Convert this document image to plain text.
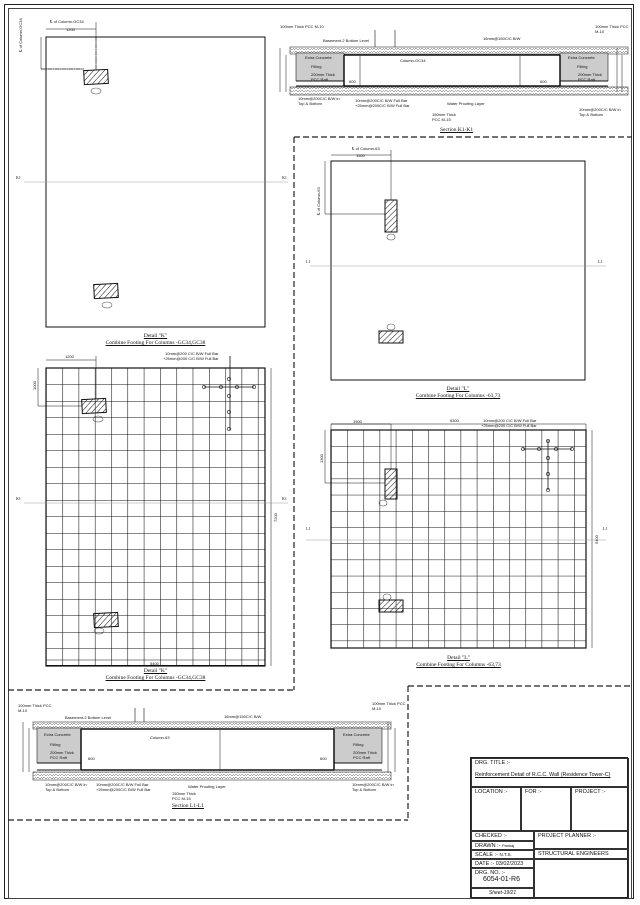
℄ of Column-GC34
1200
℄ of Column-GC34
K1	K1
Detail "K"
Combine Footing For Columns -GC34,GC38
℄ of Column-63
1500
℄ of Column-63
L1	L1
Detail "L"
Combine Footing For Columns -63,73
1200
1000
10mm@200 C/C B/W Full Bar
+25mm@200 C/C B/W Full Bar
5400
7200
K1	K1
Detail "K"
Combine Footing For Columns -GC34,GC38
6300
1500
1300
10mm@200 C/C B/W Full Bar
+25mm@200 C/C B/W Full Bar
5400
L1	L1
Detail "L"
Combine Footing For Columns -63,73
100mm Thick PCC M-10
Basement-2 Bottom Level	16mm@150C/C B/W
Column-GC34
Extra Concrete
Filling
200mm Thick PCC Raft
Extra Concrete
Filling
200mm Thick PCC Raft
600	600
10mm@200C/C B/W in Top & Bottom
10mm@200C/C B/W Full Bar
+25mm@200C/C B/W Full Bar	Water Proofing Layer
150mm Thick PCC M-15
100mm Thick PCC M-10
10mm@200C/C B/W in Top & Bottom
Section K1-K1
100mm Thick PCC M-10
Basement-2 Bottom Level	16mm@150C/C B/W
Column-63
Extra Concrete
Filling
200mm Thick PCC Raft
Extra Concrete
Filling
200mm Thick PCC Raft
600	600
10mm@200C/C B/W in Top & Bottom
10mm@200C/C B/W Full Bar
+25mm@200C/C B/W Full Bar
Water Proofing Layer
150mm Thick PCC M-15
100mm Thick PCC M-10
10mm@200C/C B/W in Top & Bottom
Section L1-L1
DRG. TITLE :-
Reinforcement Detail of R.C.C. Wall (Residence Tower-C)
LOCATION :-	FOR :-	PROJECT :-
CHECKED :-	PROJECT PLANNER :-
DRAWN :- Pankaj
SCALE :- N.T.S.	STRUCTURAL ENGINEERS
DATE :- 03/02/2023
DRG. NO. :-
6054-01-R6
Sheet-19/21
